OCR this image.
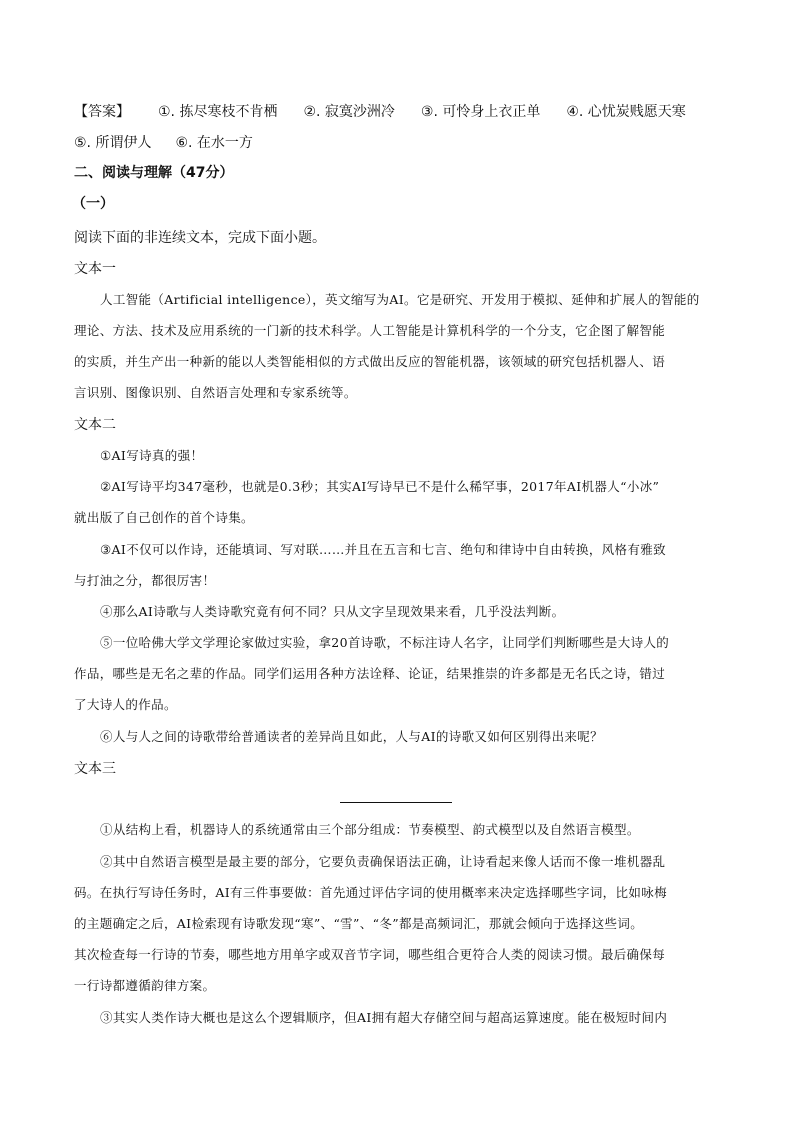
【答案】 ①. 拣尽寒枝不肯栖 ②. 寂寞沙洲冷 ③. 可怜身上衣正单 ④. 心忧炭贱愿天寒
⑤. 所谓伊人 ⑥. 在水一方
二、阅读与理解（47分）
（一）
阅读下面的非连续文本，完成下面小题。
文本一
人工智能（Artificial intelligence），英文缩写为AI。它是研究、开发用于模拟、延伸和扩展人的智能的
理论、方法、技术及应用系统的一门新的技术科学。人工智能是计算机科学的一个分支，它企图了解智能
的实质，并生产出一种新的能以人类智能相似的方式做出反应的智能机器，该领域的研究包括机器人、语
言识别、图像识别、自然语言处理和专家系统等。
文本二
①AI写诗真的强！
②AI写诗平均347毫秒，也就是0.3秒；其实AI写诗早已不是什么稀罕事，2017年AI机器人“小冰”
就出版了自己创作的首个诗集。
③AI不仅可以作诗，还能填词、写对联……并且在五言和七言、绝句和律诗中自由转换，风格有雅致
与打油之分，都很厉害！
④那么AI诗歌与人类诗歌究竟有何不同？只从文字呈现效果来看，几乎没法判断。
⑤一位哈佛大学文学理论家做过实验，拿20首诗歌，不标注诗人名字，让同学们判断哪些是大诗人的
作品，哪些是无名之辈的作品。同学们运用各种方法诠释、论证，结果推崇的许多都是无名氏之诗，错过
了大诗人的作品。
⑥人与人之间的诗歌带给普通读者的差异尚且如此，人与AI的诗歌又如何区别得出来呢？
文本三
①从结构上看，机器诗人的系统通常由三个部分组成：节奏模型、韵式模型以及自然语言模型。
②其中自然语言模型是最主要的部分，它要负责确保语法正确，让诗看起来像人话而不像一堆机器乱
码。在执行写诗任务时，AI有三件事要做：首先通过评估字词的使用概率来决定选择哪些字词，比如咏梅
的主题确定之后，AI检索现有诗歌发现“寒”、“雪”、“冬”都是高频词汇，那就会倾向于选择这些词。
其次检查每一行诗的节奏，哪些地方用单字或双音节字词，哪些组合更符合人类的阅读习惯。最后确保每
一行诗都遵循韵律方案。
③其实人类作诗大概也是这么个逻辑顺序，但AI拥有超大存储空间与超高运算速度。能在极短时间内
